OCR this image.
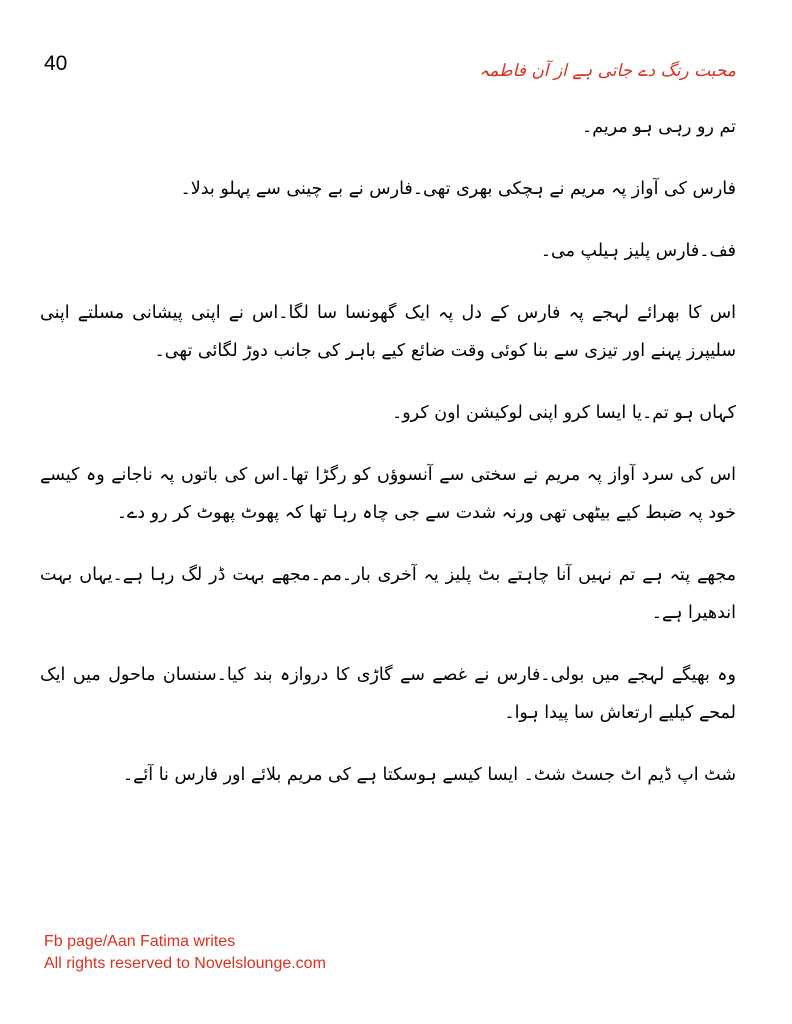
40	محبت رنگ دے جاتی ہے از آن فاطمہ

تم رو رہی ہو مریم۔

فارس کی آواز پہ مریم نے ہچکی بھری تھی۔فارس نے بے چینی سے پہلو بدلا۔

فف۔فارس پلیز ہیلپ می۔

اس کا بھرائے لہجے پہ فارس کے دل پہ ایک گھونسا سا لگا۔اس نے اپنی پیشانی مسلتے اپنی سلیپرز پہنے اور تیزی سے بنا کوئی وقت ضائع کیے باہر کی جانب دوڑ لگائی تھی۔

کہاں ہو تم۔یا ایسا کرو اپنی لوکیشن اون کرو۔

اس کی سرد آواز پہ مریم نے سختی سے آنسوؤں کو رگڑا تھا۔اس کی باتوں پہ ناجانے وہ کیسے خود پہ ضبط کیے بیٹھی تھی ورنہ شدت سے جی چاہ رہا تھا کہ پھوٹ پھوٹ کر رو دے۔

مجھے پتہ ہے تم نہیں آنا چاہتے بٹ پلیز یہ آخری بار۔مم۔مجھے بہت ڈر لگ رہا ہے۔یہاں بہت اندھیرا ہے۔

وہ بھیگے لہجے میں بولی۔فارس نے غصے سے گاڑی کا دروازہ بند کیا۔سنسان ماحول میں ایک لمحے کیلیے ارتعاش سا پیدا ہوا۔

شٹ اپ ڈیم اٹ جسٹ شٹ۔ ایسا کیسے ہوسکتا ہے کی مریم بلائے اور فارس نا آئے۔

Fb page/Aan Fatima writes
All rights reserved to Novelslounge.com
